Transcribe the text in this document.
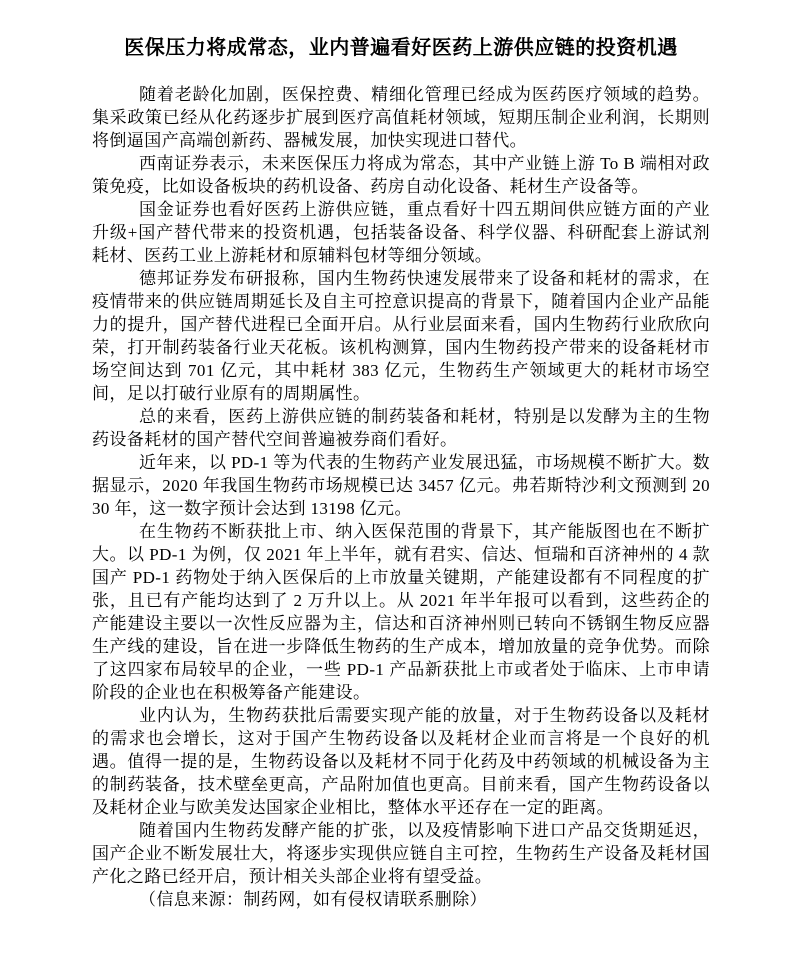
医保压力将成常态，业内普遍看好医药上游供应链的投资机遇

随着老龄化加剧，医保控费、精细化管理已经成为医药医疗领域的趋势。集采政策已经从化药逐步扩展到医疗高值耗材领域，短期压制企业利润，长期则将倒逼国产高端创新药、器械发展，加快实现进口替代。

西南证券表示，未来医保压力将成为常态，其中产业链上游 To B 端相对政策免疫，比如设备板块的药机设备、药房自动化设备、耗材生产设备等。

国金证券也看好医药上游供应链，重点看好十四五期间供应链方面的产业升级+国产替代带来的投资机遇，包括装备设备、科学仪器、科研配套上游试剂耗材、医药工业上游耗材和原辅料包材等细分领域。

德邦证券发布研报称，国内生物药快速发展带来了设备和耗材的需求，在疫情带来的供应链周期延长及自主可控意识提高的背景下，随着国内企业产品能力的提升，国产替代进程已全面开启。从行业层面来看，国内生物药行业欣欣向荣，打开制药装备行业天花板。该机构测算，国内生物药投产带来的设备耗材市场空间达到 701 亿元，其中耗材 383 亿元，生物药生产领域更大的耗材市场空间，足以打破行业原有的周期属性。

总的来看，医药上游供应链的制药装备和耗材，特别是以发酵为主的生物药设备耗材的国产替代空间普遍被券商们看好。

近年来，以 PD-1 等为代表的生物药产业发展迅猛，市场规模不断扩大。数据显示，2020 年我国生物药市场规模已达 3457 亿元。弗若斯特沙利文预测到 2030 年，这一数字预计会达到 13198 亿元。

在生物药不断获批上市、纳入医保范围的背景下，其产能版图也在不断扩大。以 PD-1 为例，仅 2021 年上半年，就有君实、信达、恒瑞和百济神州的 4 款国产 PD-1 药物处于纳入医保后的上市放量关键期，产能建设都有不同程度的扩张，且已有产能均达到了 2 万升以上。从 2021 年半年报可以看到，这些药企的产能建设主要以一次性反应器为主，信达和百济神州则已转向不锈钢生物反应器生产线的建设，旨在进一步降低生物药的生产成本，增加放量的竞争优势。而除了这四家布局较早的企业，一些 PD-1 产品新获批上市或者处于临床、上市申请阶段的企业也在积极筹备产能建设。

业内认为，生物药获批后需要实现产能的放量，对于生物药设备以及耗材的需求也会增长，这对于国产生物药设备以及耗材企业而言将是一个良好的机遇。值得一提的是，生物药设备以及耗材不同于化药及中药领域的机械设备为主的制药装备，技术壁垒更高，产品附加值也更高。目前来看，国产生物药设备以及耗材企业与欧美发达国家企业相比，整体水平还存在一定的距离。

随着国内生物药发酵产能的扩张，以及疫情影响下进口产品交货期延迟，国产企业不断发展壮大，将逐步实现供应链自主可控，生物药生产设备及耗材国产化之路已经开启，预计相关头部企业将有望受益。

（信息来源：制药网，如有侵权请联系删除）
